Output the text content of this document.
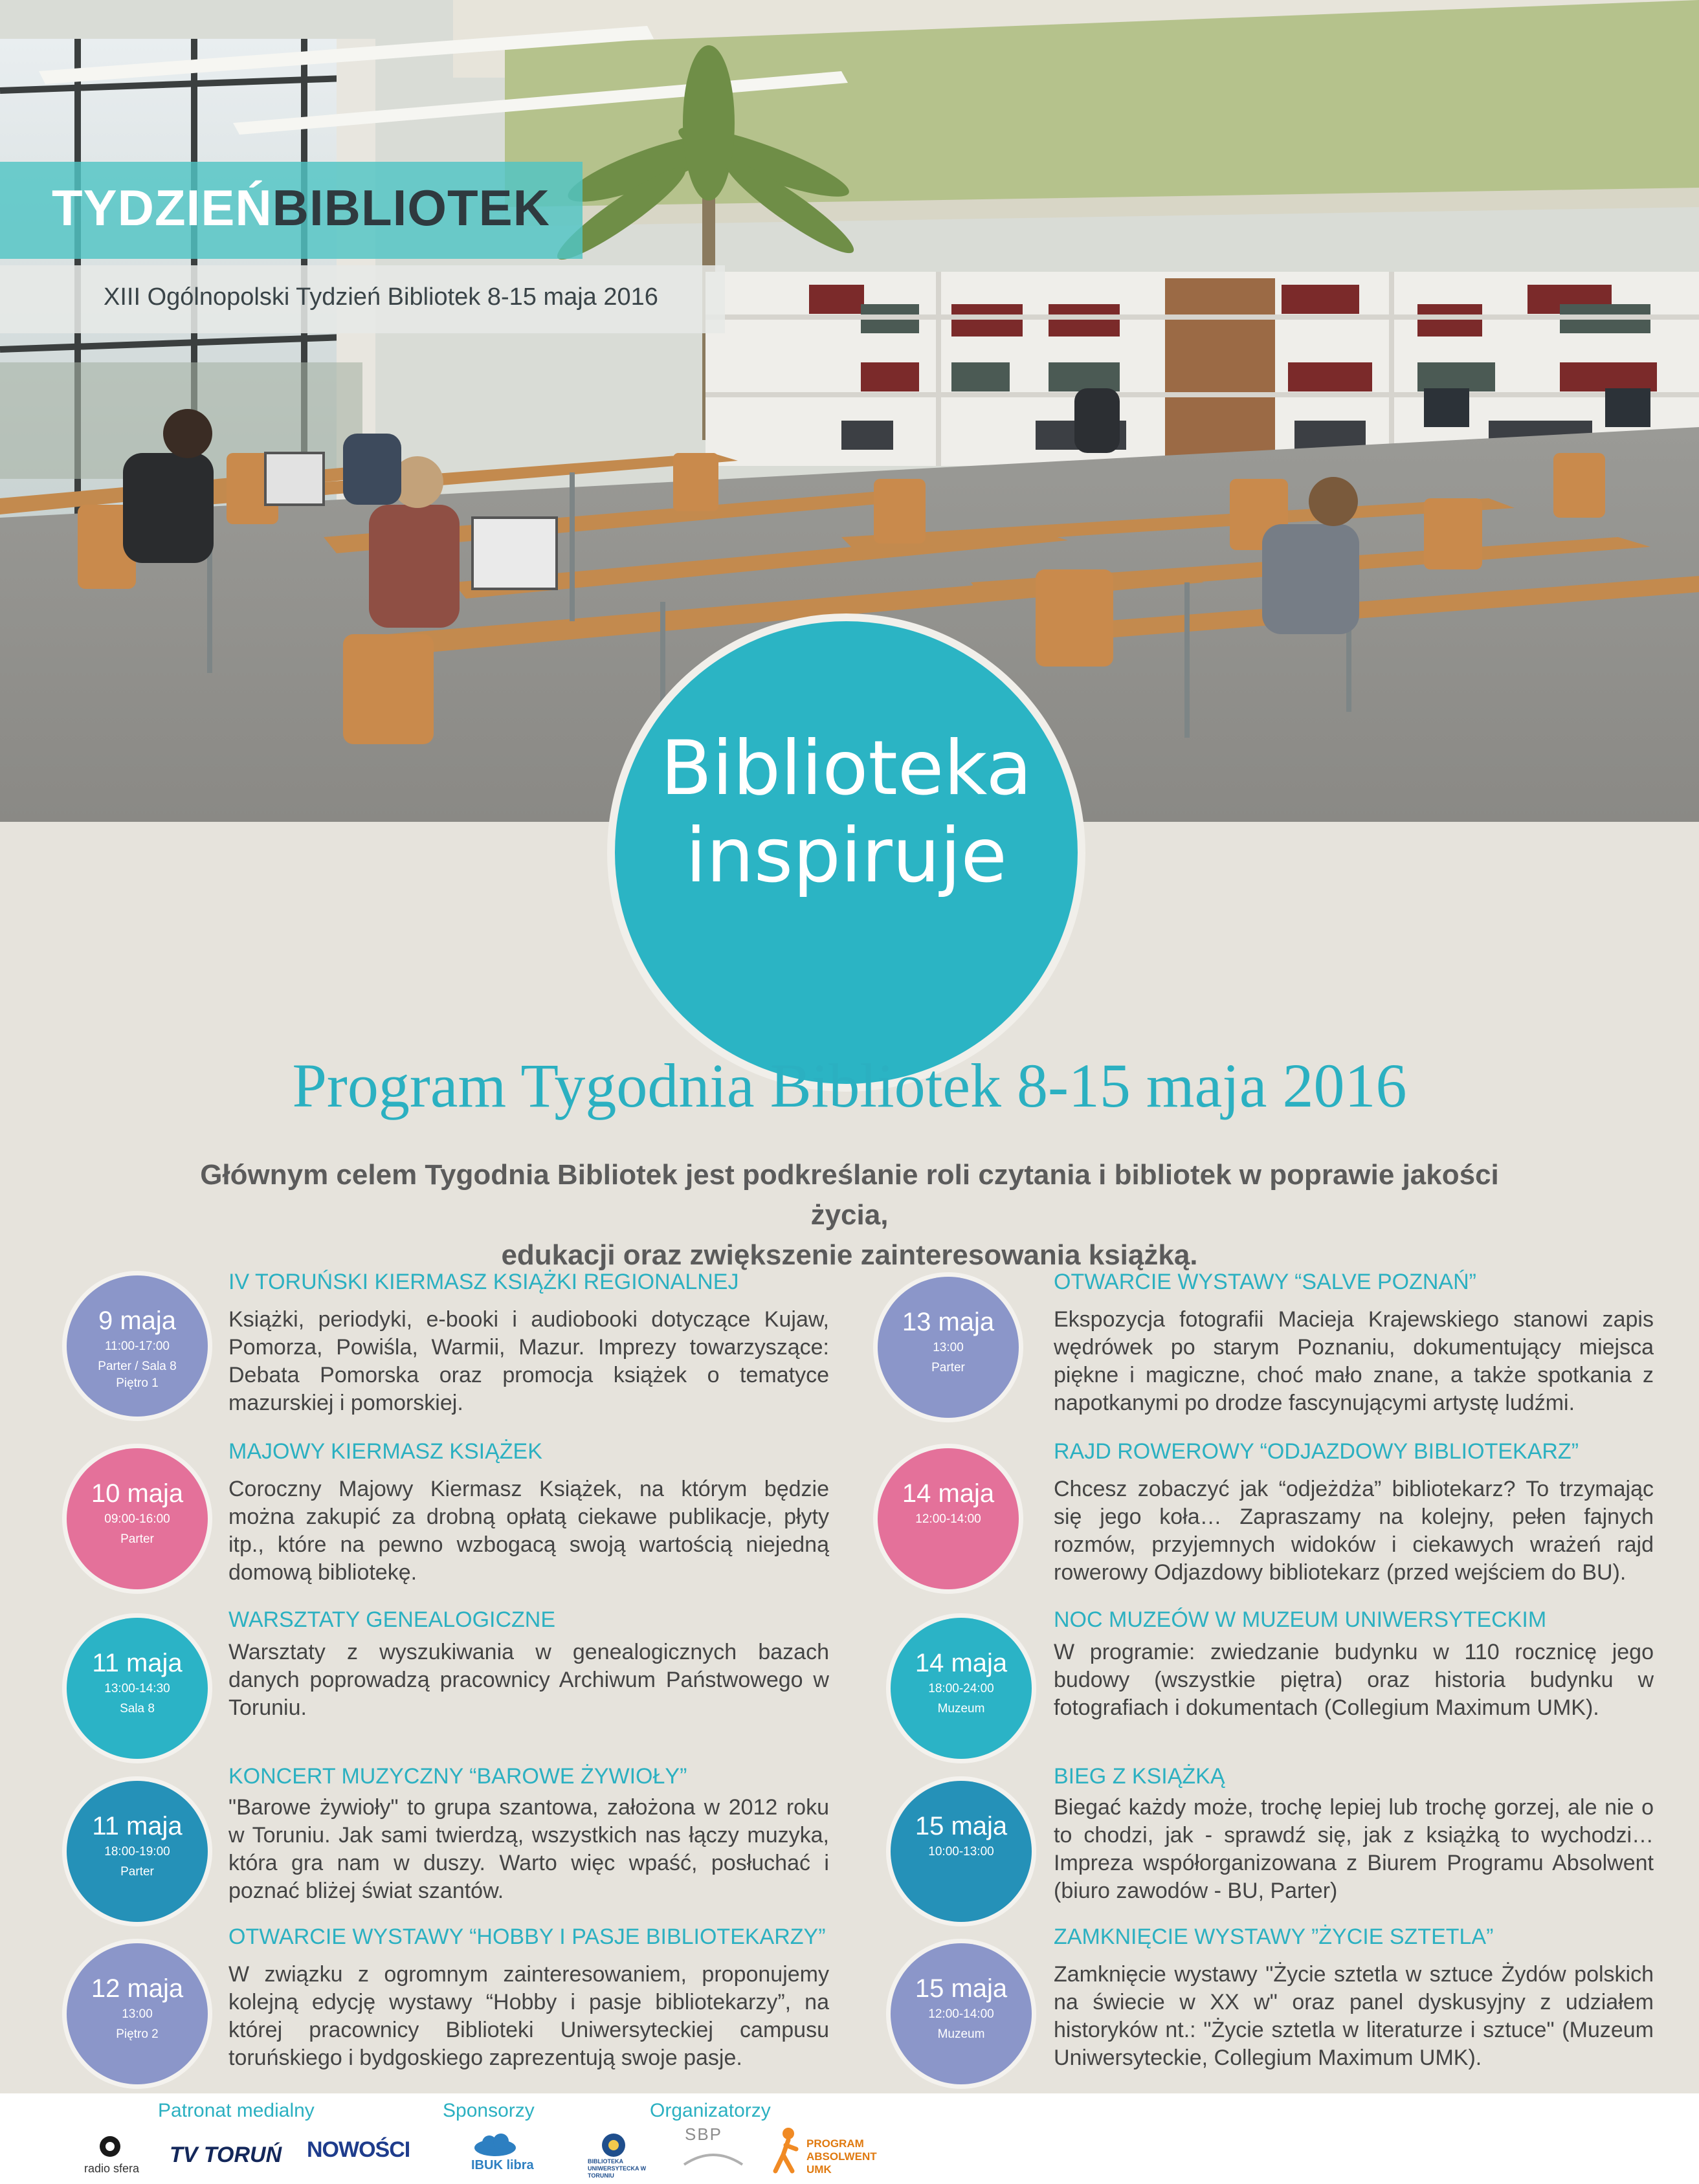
TYDZIEŃBIBLIOTEK
XIII Ogólnopolski Tydzień Bibliotek 8-15 maja 2016
Biblioteka
inspiruje
Program Tygodnia Bibliotek 8-15 maja 2016
Głównym celem Tygodnia Bibliotek jest podkreślanie roli czytania i bibliotek w poprawie jakości życia,
edukacji oraz zwiększenie zainteresowania książką.
9 maja
11:00-17:00
Parter / Sala 8
Piętro 1
IV TORUŃSKI KIERMASZ KSIĄŻKI REGIONALNEJ
Książki, periodyki, e-booki i audiobooki dotyczące Kujaw, Pomorza, Powiśla, Warmii, Mazur. Imprezy towarzyszące: Debata Pomorska oraz promocja książek o tematyce mazurskiej i pomorskiej.
10 maja
09:00-16:00
Parter
MAJOWY KIERMASZ KSIĄŻEK
Coroczny Majowy Kiermasz Książek, na którym będzie można zakupić za drobną opłatą ciekawe publikacje, płyty itp., które na pewno wzbogacą swoją wartością niejedną domową bibliotekę.
11 maja
13:00-14:30
Sala 8
WARSZTATY GENEALOGICZNE
Warsztaty z wyszukiwania w genealogicznych bazach danych poprowadzą pracownicy Archiwum Państwowego w Toruniu.
11 maja
18:00-19:00
Parter
KONCERT MUZYCZNY “BAROWE ŻYWIOŁY”
"Barowe żywioły" to grupa szantowa, założona w 2012 roku w Toruniu. Jak sami twierdzą, wszystkich nas łączy muzyka, która gra nam w duszy. Warto więc wpaść, posłuchać i poznać bliżej świat szantów.
12 maja
13:00
Piętro 2
OTWARCIE WYSTAWY “HOBBY I PASJE BIBLIOTEKARZY”
W związku z ogromnym zainteresowaniem, proponujemy kolejną edycję wystawy “Hobby i pasje bibliotekarzy”, na której pracownicy Biblioteki Uniwersyteckiej campusu toruńskiego i bydgoskiego zaprezentują swoje pasje.
13 maja
13:00
Parter
OTWARCIE WYSTAWY “SALVE POZNAŃ”
Ekspozycja fotografii Macieja Krajewskiego stanowi zapis wędrówek po starym Poznaniu, dokumentujący miejsca piękne i magiczne, choć mało znane, a także spotkania z napotkanymi po drodze fascynującymi artystę ludźmi.
14 maja
12:00-14:00
RAJD ROWEROWY “ODJAZDOWY BIBLIOTEKARZ”
Chcesz zobaczyć jak “odjeżdża” bibliotekarz? To trzymając się jego koła… Zapraszamy na kolejny, pełen fajnych rozmów, przyjemnych widoków i ciekawych wrażeń rajd rowerowy Odjazdowy bibliotekarz (przed wejściem do BU).
14 maja
18:00-24:00
Muzeum
NOC MUZEÓW W MUZEUM UNIWERSYTECKIM
W programie: zwiedzanie budynku w 110 rocznicę jego budowy (wszystkie piętra) oraz historia budynku w fotografiach i dokumentach (Collegium Maximum UMK).
15 maja
10:00-13:00
BIEG Z KSIĄŻKĄ
Biegać każdy może, trochę lepiej lub trochę gorzej, ale nie o to chodzi, jak - sprawdź się, jak z książką to wychodzi… Impreza współorganizowana z Biurem Programu Absolwent (biuro zawodów - BU, Parter)
15 maja
12:00-14:00
Muzeum
ZAMKNIĘCIE WYSTAWY ”ŻYCIE SZTETLA”
Zamknięcie wystawy "Życie sztetla w sztuce Żydów polskich na świecie w XX w" oraz panel dyskusyjny z udziałem historyków nt.: "Życie sztetla w literaturze i sztuce" (Muzeum Uniwersyteckie, Collegium Maximum UMK).
Patronat medialny	Sponsorzy	Organizatorzy
radio sfera
TV TORUŃ NOWOŚCI
IBUK libra	BIBLIOTEKA UNIWERSYTECKA W TORUNIU
SBP	PROGRAM ABSOLWENT UMK
